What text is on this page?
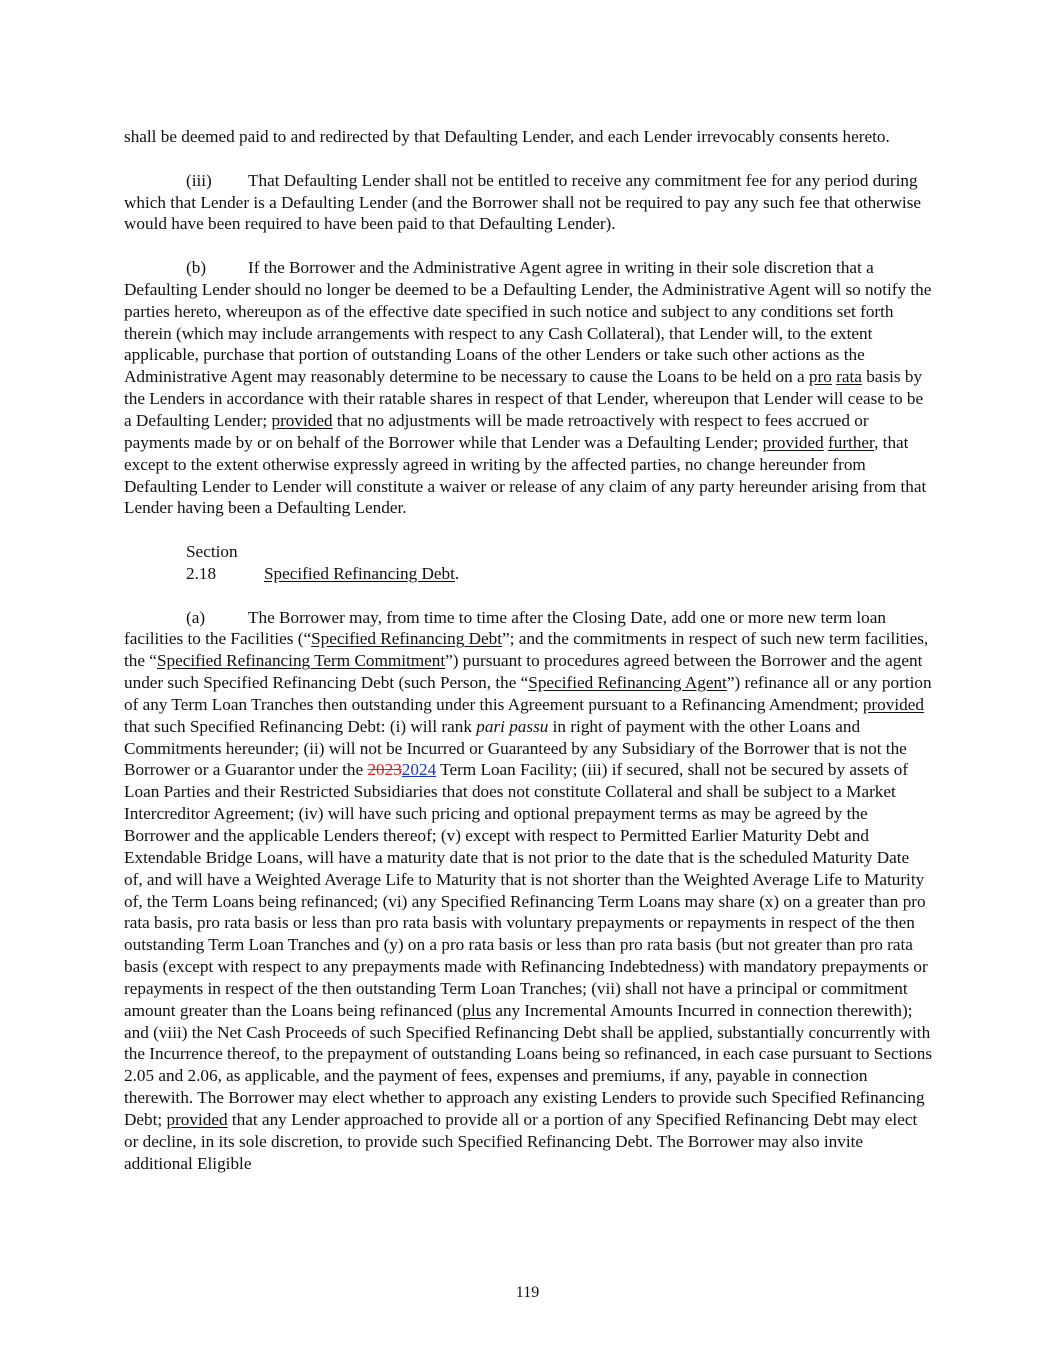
shall be deemed paid to and redirected by that Defaulting Lender, and each Lender irrevocably consents hereto.

(iii) That Defaulting Lender shall not be entitled to receive any commitment fee for any period during which that Lender is a Defaulting Lender (and the Borrower shall not be required to pay any such fee that otherwise would have been required to have been paid to that Defaulting Lender).

(b) If the Borrower and the Administrative Agent agree in writing in their sole discretion that a Defaulting Lender should no longer be deemed to be a Defaulting Lender, the Administrative Agent will so notify the parties hereto, whereupon as of the effective date specified in such notice and subject to any conditions set forth therein (which may include arrangements with respect to any Cash Collateral), that Lender will, to the extent applicable, purchase that portion of outstanding Loans of the other Lenders or take such other actions as the Administrative Agent may reasonably determine to be necessary to cause the Loans to be held on a pro rata basis by the Lenders in accordance with their ratable shares in respect of that Lender, whereupon that Lender will cease to be a Defaulting Lender; provided that no adjustments will be made retroactively with respect to fees accrued or payments made by or on behalf of the Borrower while that Lender was a Defaulting Lender; provided further, that except to the extent otherwise expressly agreed in writing by the affected parties, no change hereunder from Defaulting Lender to Lender will constitute a waiver or release of any claim of any party hereunder arising from that Lender having been a Defaulting Lender.

Section 2.18	Specified Refinancing Debt.

(a) The Borrower may, from time to time after the Closing Date, add one or more new term loan facilities to the Facilities (“Specified Refinancing Debt”; and the commitments in respect of such new term facilities, the “Specified Refinancing Term Commitment”) pursuant to procedures agreed between the Borrower and the agent under such Specified Refinancing Debt (such Person, the “Specified Refinancing Agent”) refinance all or any portion of any Term Loan Tranches then outstanding under this Agreement pursuant to a Refinancing Amendment; provided that such Specified Refinancing Debt: (i) will rank pari passu in right of payment with the other Loans and Commitments hereunder; (ii) will not be Incurred or Guaranteed by any Subsidiary of the Borrower that is not the Borrower or a Guarantor under the 20232024 Term Loan Facility; (iii) if secured, shall not be secured by assets of Loan Parties and their Restricted Subsidiaries that does not constitute Collateral and shall be subject to a Market Intercreditor Agreement; (iv) will have such pricing and optional prepayment terms as may be agreed by the Borrower and the applicable Lenders thereof; (v) except with respect to Permitted Earlier Maturity Debt and Extendable Bridge Loans, will have a maturity date that is not prior to the date that is the scheduled Maturity Date of, and will have a Weighted Average Life to Maturity that is not shorter than the Weighted Average Life to Maturity of, the Term Loans being refinanced; (vi) any Specified Refinancing Term Loans may share (x) on a greater than pro rata basis, pro rata basis or less than pro rata basis with voluntary prepayments or repayments in respect of the then outstanding Term Loan Tranches and (y) on a pro rata basis or less than pro rata basis (but not greater than pro rata basis (except with respect to any prepayments made with Refinancing Indebtedness) with mandatory prepayments or repayments in respect of the then outstanding Term Loan Tranches; (vii) shall not have a principal or commitment amount greater than the Loans being refinanced (plus any Incremental Amounts Incurred in connection therewith); and (viii) the Net Cash Proceeds of such Specified Refinancing Debt shall be applied, substantially concurrently with the Incurrence thereof, to the prepayment of outstanding Loans being so refinanced, in each case pursuant to Sections 2.05 and 2.06, as applicable, and the payment of fees, expenses and premiums, if any, payable in connection therewith. The Borrower may elect whether to approach any existing Lenders to provide such Specified Refinancing Debt; provided that any Lender approached to provide all or a portion of any Specified Refinancing Debt may elect or decline, in its sole discretion, to provide such Specified Refinancing Debt. The Borrower may also invite additional Eligible

119
